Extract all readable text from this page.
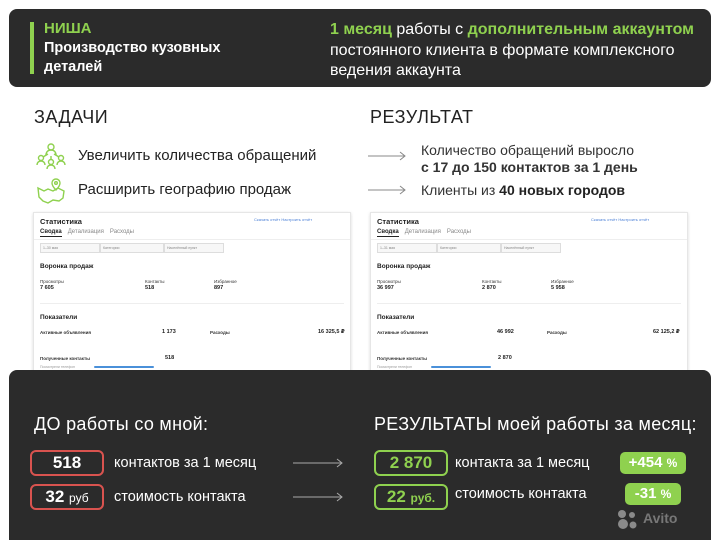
НИША
Производство кузовных деталей
1 месяц работы с дополнительным аккаунтом постоянного клиента в формате комплексного ведения аккаунта
ЗАДАЧИ	РЕЗУЛЬТАТ
Увеличить количества обращений
Расширить географию продаж
Количество обращений выросло
с 17 до 150 контактов за 1 день
Клиенты из 40 новых городов
Статистика	Скачать отчёт Настроить отчёт
Сводка Детализация Расходы
1–30 мая	Категории	Населённый пункт
Воронка продаж
Просмотры
7 605
Контакты
518
Избранное
897
Показатели
Активные объявления	1 173	Расходы	16 325,5 ₽
Полученные контакты	518
Посмотрели телефон
Статистика	Скачать отчёт Настроить отчёт
Сводка Детализация Расходы
1–31 мая	Категории	Населённый пункт
Воронка продаж
Просмотры
36 997
Контакты
2 870
Избранное
5 958
Показатели
Активные объявления	46 992	Расходы	62 125,2 ₽
Полученные контакты	2 870
Посмотрели телефон
ДО работы со мной:	РЕЗУЛЬТАТЫ моей работы за месяц:
518	контактов за 1 месяц
32 руб	стоимость контакта
2 870	контакта за 1 месяц	+454 %
22 руб.	стоимость контакта	-31 %
Avito
